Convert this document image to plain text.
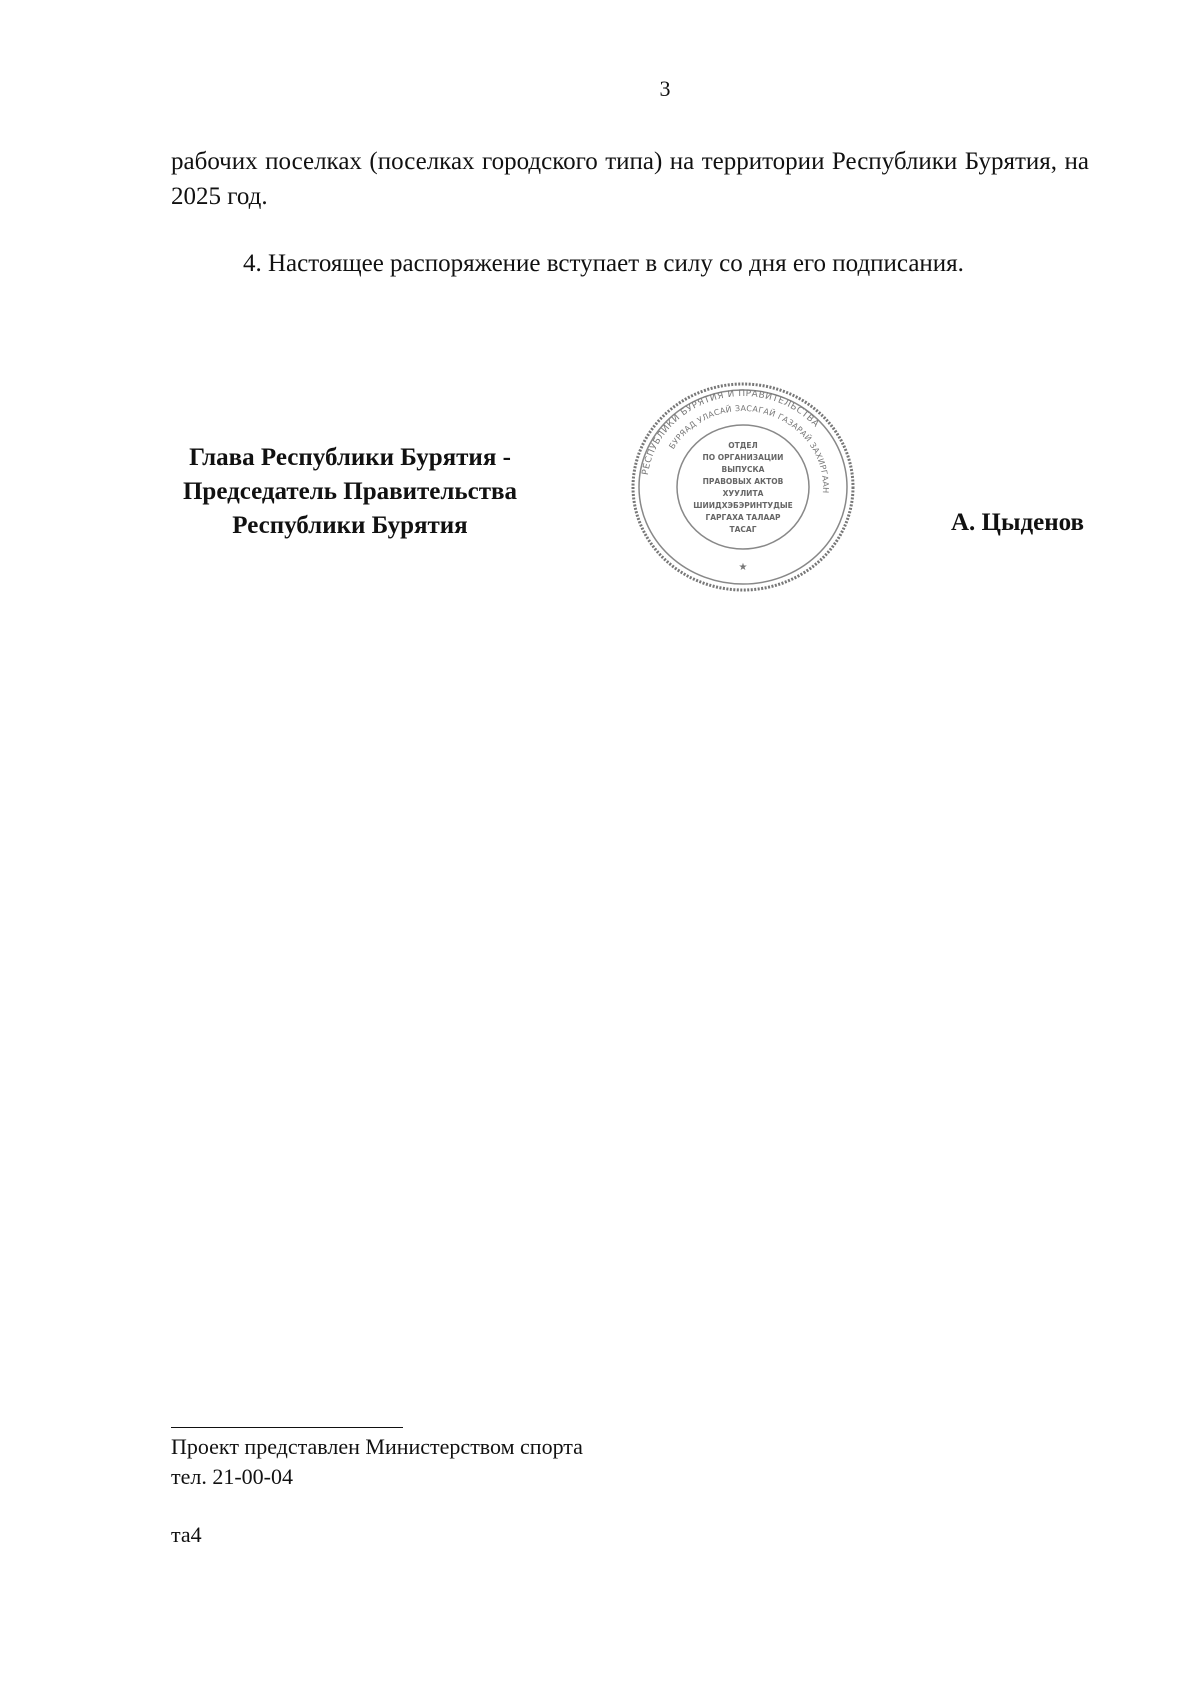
3

рабочих поселках (поселках городского типа) на территории Республики Бурятия, на 2025 год.

4. Настоящее распоряжение вступает в силу со дня его подписания.

Глава Республики Бурятия -
Председатель Правительства
Республики Бурятия
РЕСПУБЛИКИ БУРЯТИЯ И ПРАВИТЕЛЬСТВА
БУРЯАД УЛАСАЙ ЗАСАГАЙ ГАЗАРАЙ ЗАХИРГААН
ОТДЕЛ
ПО ОРГАНИЗАЦИИ
ВЫПУСКА
ПРАВОВЫХ АКТОВ
ХУУЛИТА
ШИИДХЭБЭРИНТУДЫЕ
ГАРГАХА ТАЛААР
ТАСАГ
★
А. Цыденов
Проект представлен Министерством спорта
тел. 21-00-04
та4
